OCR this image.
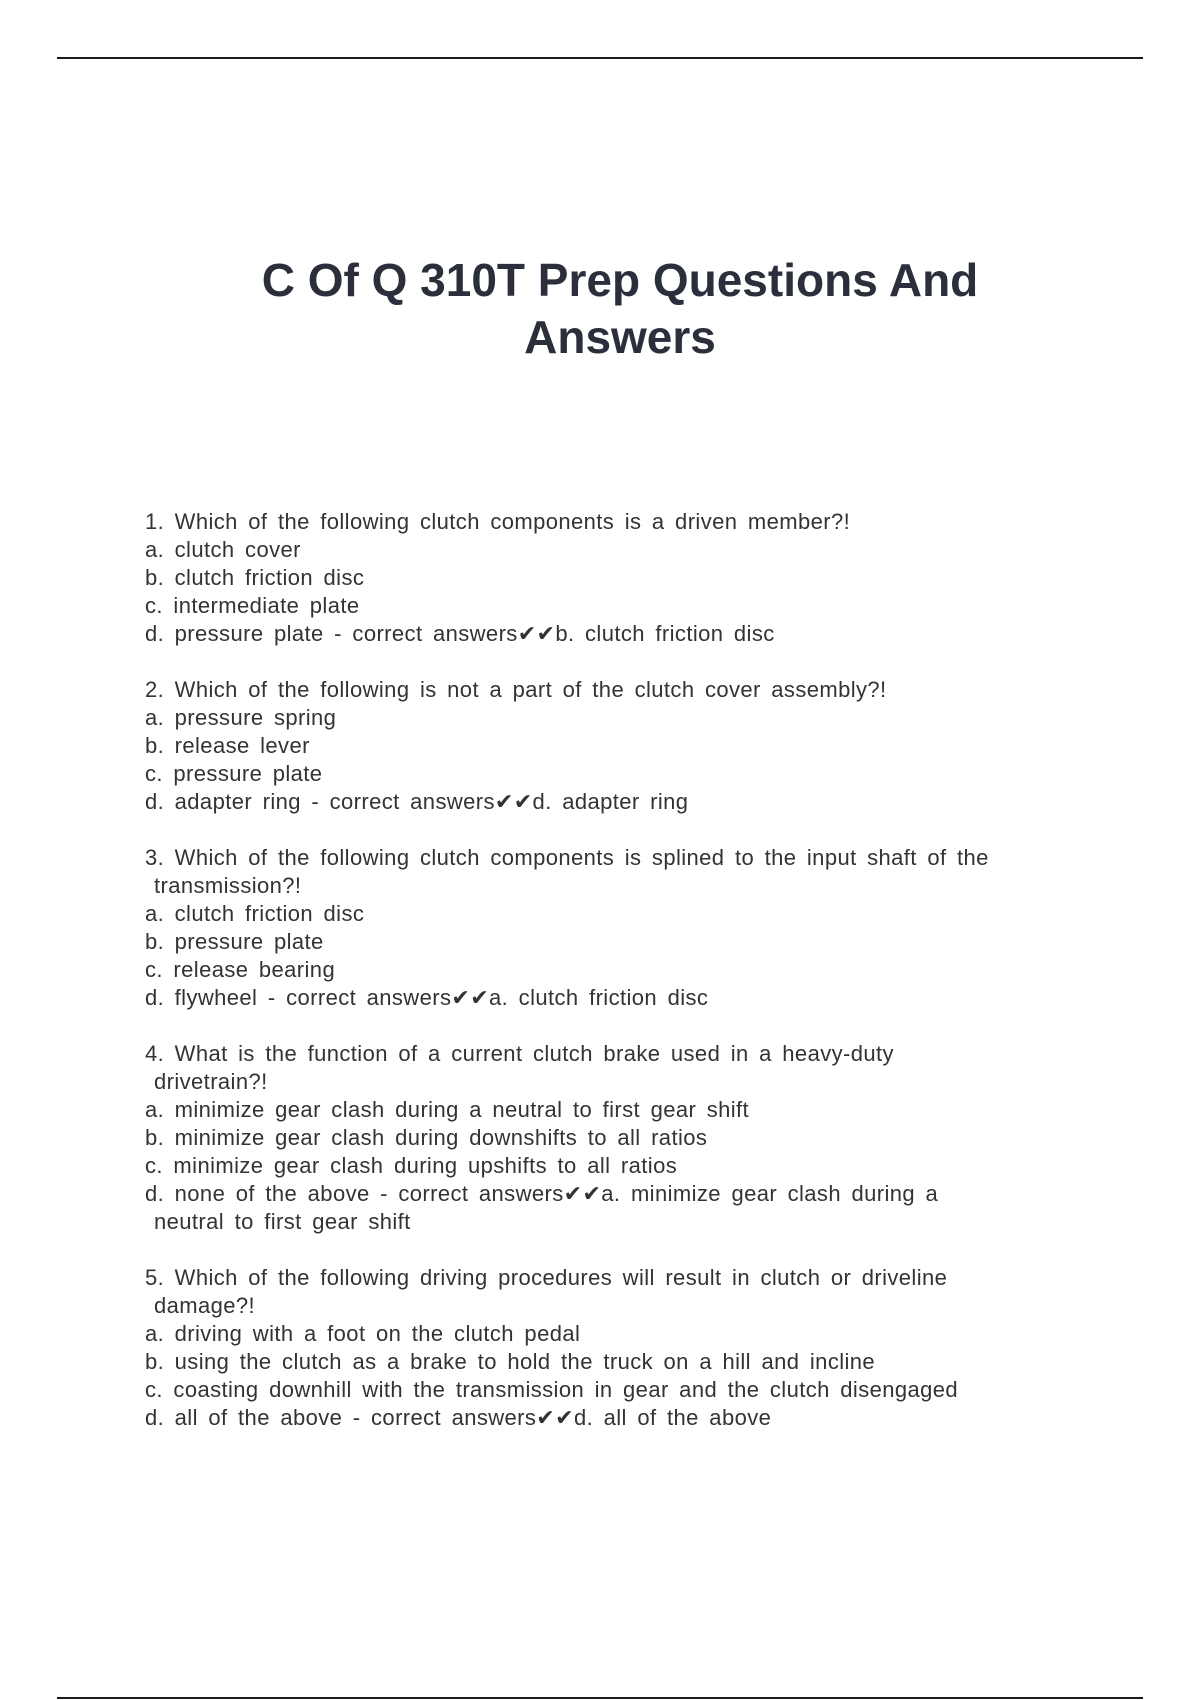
C Of Q 310T Prep Questions And
Answers
1. Which of the following clutch components is a driven member?!
a. clutch cover
b. clutch friction disc
c. intermediate plate
d. pressure plate - correct answers✔✔b. clutch friction disc
2. Which of the following is not a part of the clutch cover assembly?!
a. pressure spring
b. release lever
c. pressure plate
d. adapter ring - correct answers✔✔d. adapter ring
3. Which of the following clutch components is splined to the input shaft of the
transmission?!
a. clutch friction disc
b. pressure plate
c. release bearing
d. flywheel - correct answers✔✔a. clutch friction disc
4. What is the function of a current clutch brake used in a heavy-duty
drivetrain?!
a. minimize gear clash during a neutral to first gear shift
b. minimize gear clash during downshifts to all ratios
c. minimize gear clash during upshifts to all ratios
d. none of the above - correct answers✔✔a. minimize gear clash during a
neutral to first gear shift
5. Which of the following driving procedures will result in clutch or driveline
damage?!
a. driving with a foot on the clutch pedal
b. using the clutch as a brake to hold the truck on a hill and incline
c. coasting downhill with the transmission in gear and the clutch disengaged
d. all of the above - correct answers✔✔d. all of the above
